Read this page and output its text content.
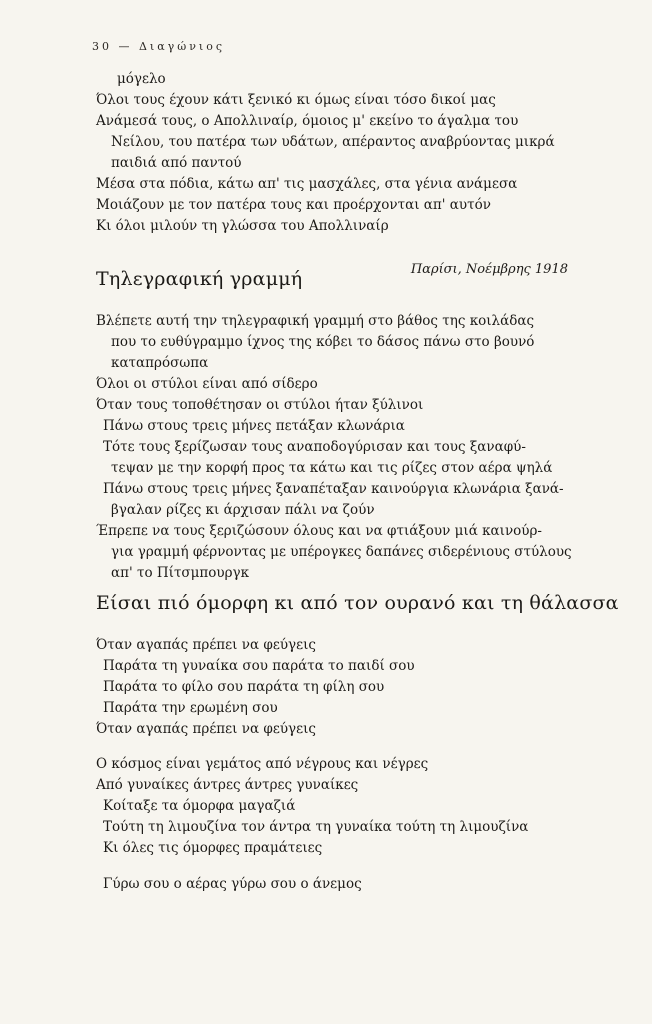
30 — Διαγώνιος
μόγελο
Όλοι τους έχουν κάτι ξενικό κι όμως είναι τόσο δικοί μας
Ανάμεσά τους, ο Απολλιναίρ, όμοιος μ' εκείνο το άγαλμα του
Νείλου, του πατέρα των υδάτων, απέραντος αναβρύοντας μικρά
παιδιά από παντού
Μέσα στα πόδια, κάτω απ' τις μασχάλες, στα γένια ανάμεσα
Μοιάζουν με τον πατέρα τους και προέρχονται απ' αυτόν
Κι όλοι μιλούν τη γλώσσα του Απολλιναίρ
Παρίσι, Νοέμβρης 1918
Τηλεγραφική γραμμή
Βλέπετε αυτή την τηλεγραφική γραμμή στο βάθος της κοιλάδας
που το ευθύγραμμο ίχνος της κόβει το δάσος πάνω στο βουνό
καταπρόσωπα
Όλοι οι στύλοι είναι από σίδερο
Όταν τους τοποθέτησαν οι στύλοι ήταν ξύλινοι
Πάνω στους τρεις μήνες πετάξαν κλωνάρια
Τότε τους ξερίζωσαν τους αναποδογύρισαν και τους ξαναφύ-
τεψαν με την κορφή προς τα κάτω και τις ρίζες στον αέρα ψηλά
Πάνω στους τρεις μήνες ξαναπέταξαν καινούργια κλωνάρια ξανά-
βγαλαν ρίζες κι άρχισαν πάλι να ζούν
Έπρεπε να τους ξεριζώσουν όλους και να φτιάξουν μιά καινούρ-
για γραμμή φέρνοντας με υπέρογκες δαπάνες σιδερένιους στύλους
απ' το Πίτσμπουργκ
Είσαι πιό όμορφη κι από τον ουρανό και τη θάλασσα
Όταν αγαπάς πρέπει να φεύγεις
Παράτα τη γυναίκα σου παράτα το παιδί σου
Παράτα το φίλο σου παράτα τη φίλη σου
Παράτα την ερωμένη σου
Όταν αγαπάς πρέπει να φεύγεις
Ο κόσμος είναι γεμάτος από νέγρους και νέγρες
Από γυναίκες άντρες άντρες γυναίκες
Κοίταξε τα όμορφα μαγαζιά
Τούτη τη λιμουζίνα τον άντρα τη γυναίκα τούτη τη λιμουζίνα
Κι όλες τις όμορφες πραμάτειες
Γύρω σου ο αέρας γύρω σου ο άνεμος
